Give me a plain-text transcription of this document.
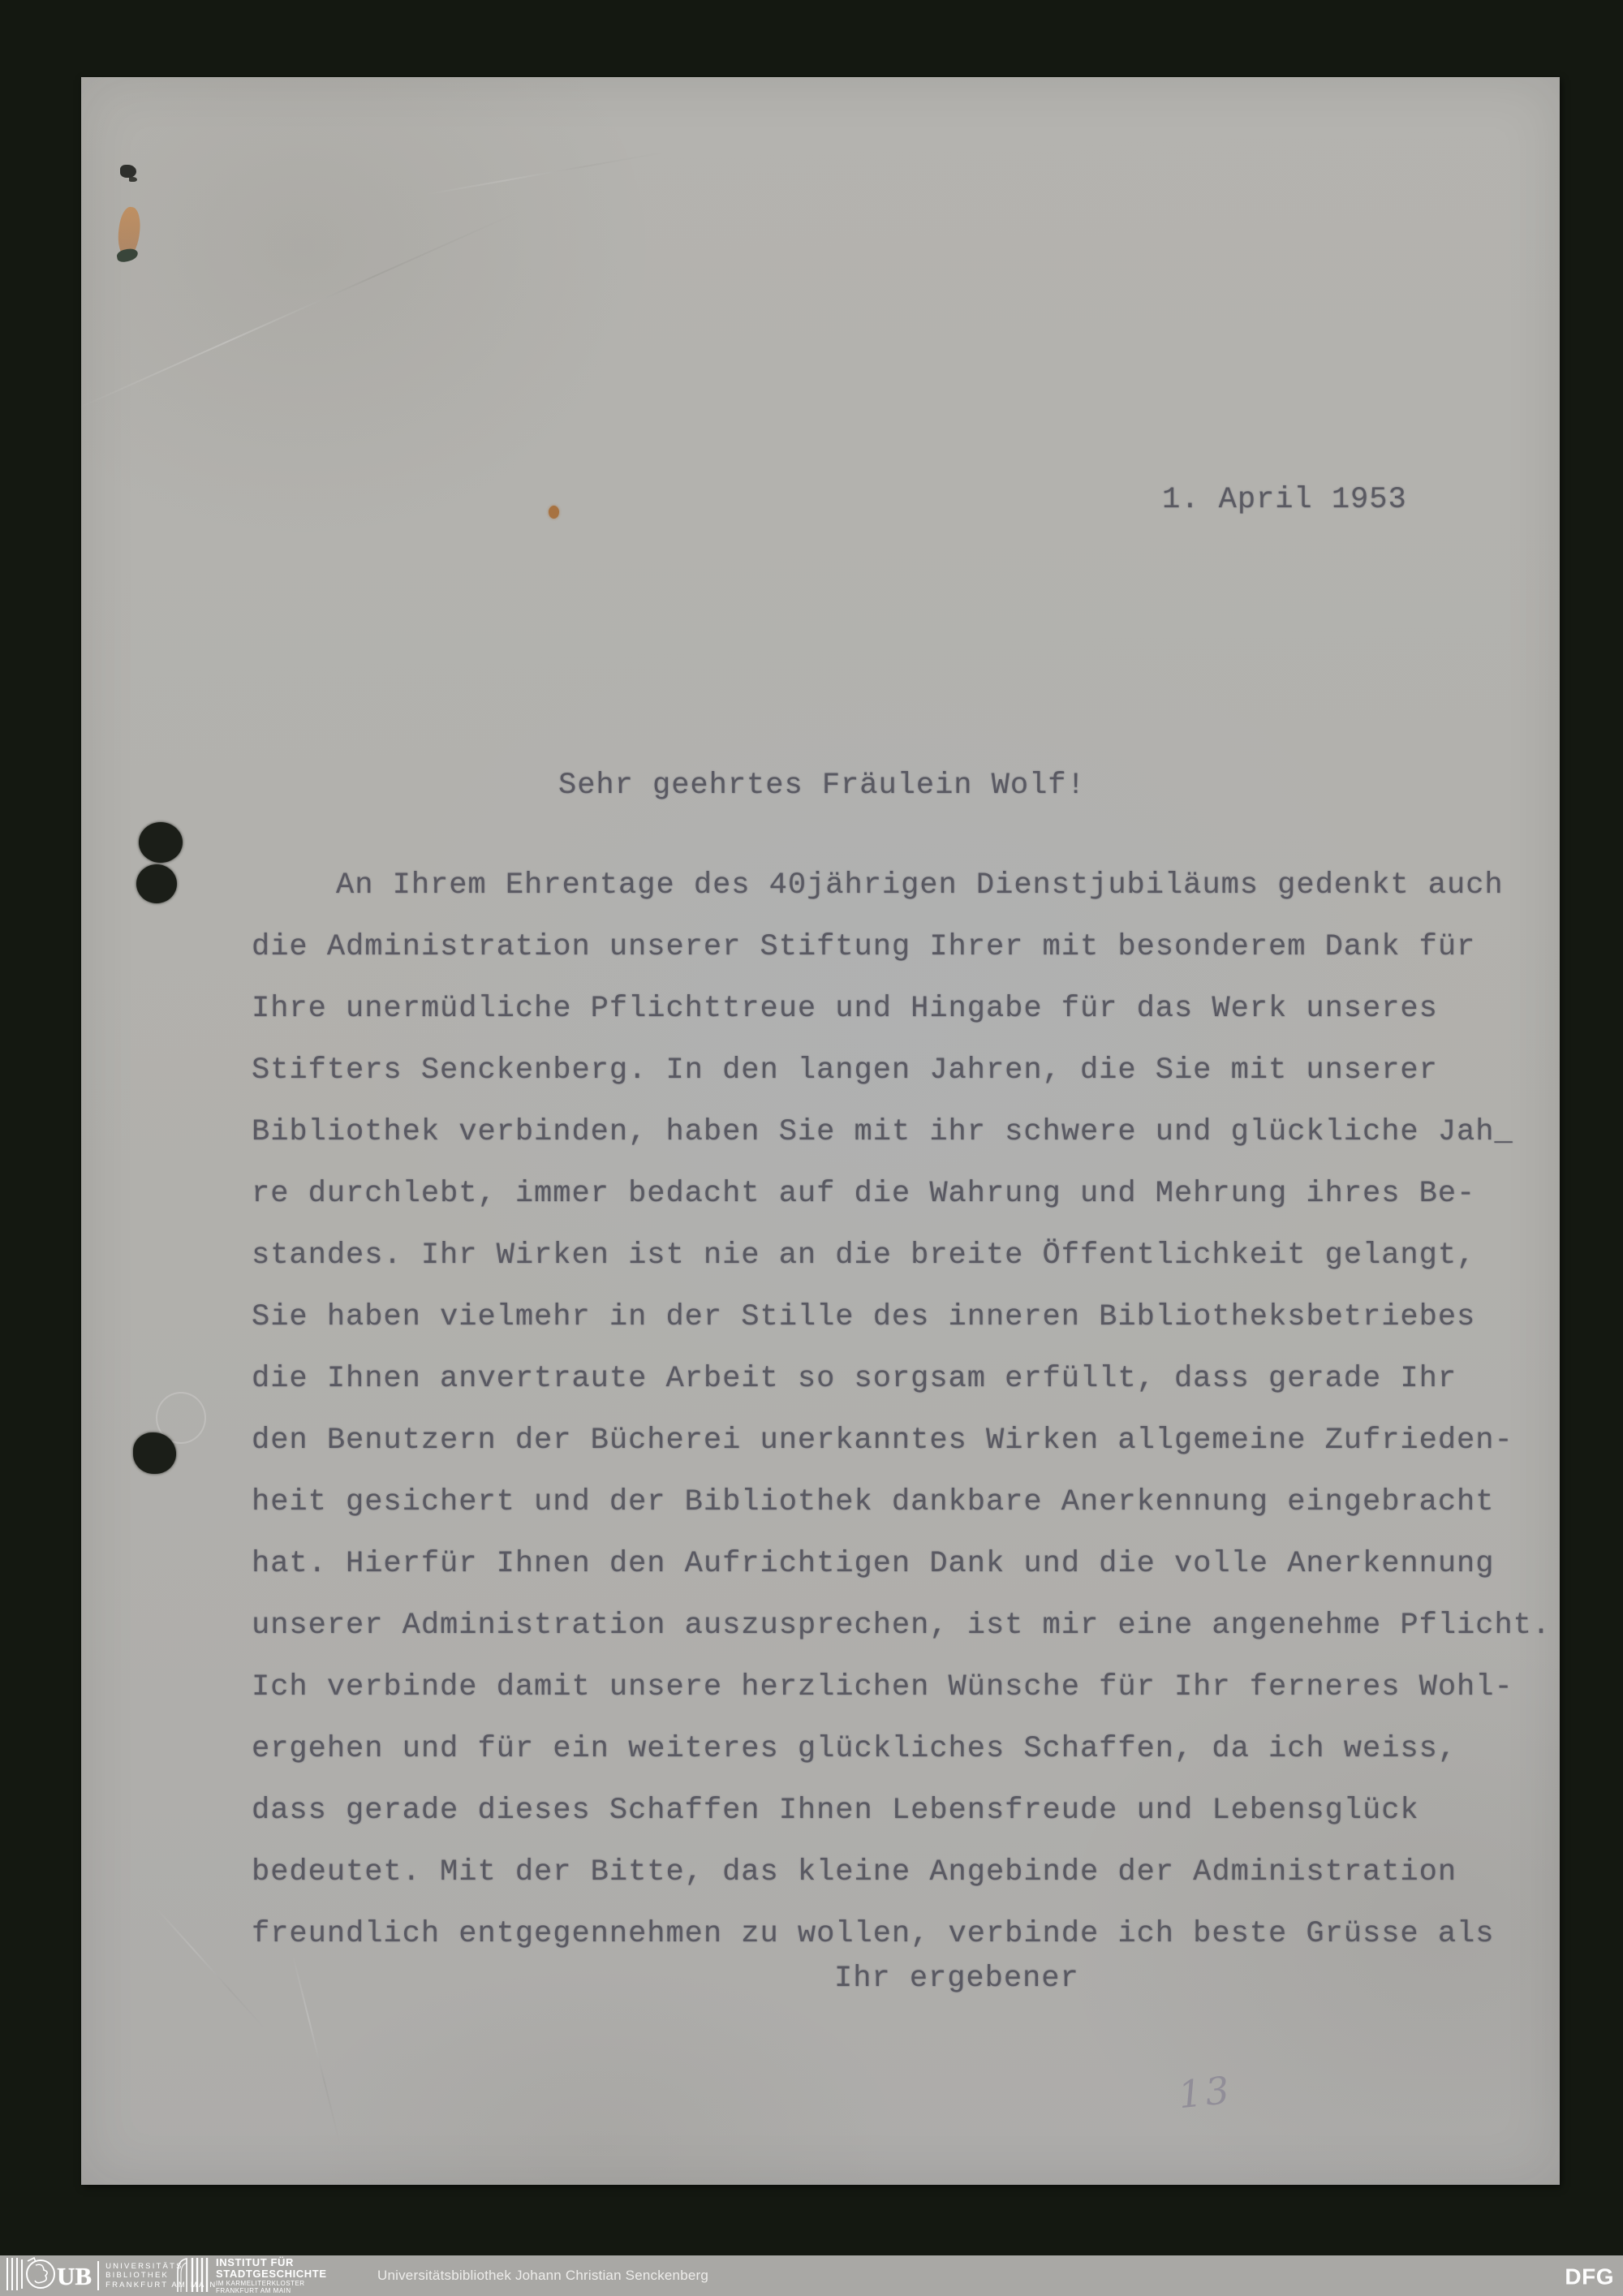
1. April 1953
Sehr geehrtes Fräulein Wolf!
An Ihrem Ehrentage des 40jährigen Dienstjubiläums gedenkt auch
die Administration unserer Stiftung Ihrer mit besonderem Dank für
Ihre unermüdliche Pflichttreue und Hingabe für das Werk unseres
Stifters Senckenberg. In den langen Jahren, die Sie mit unserer
Bibliothek verbinden, haben Sie mit ihr schwere und glückliche Jah_
re durchlebt, immer bedacht auf die Wahrung und Mehrung ihres Be-
standes. Ihr Wirken ist nie an die breite Öffentlichkeit gelangt,
Sie haben vielmehr in der Stille des inneren Bibliotheksbetriebes
die Ihnen anvertraute Arbeit so sorgsam erfüllt, dass gerade Ihr
den Benutzern der Bücherei unerkanntes Wirken allgemeine Zufrieden-
heit gesichert und der Bibliothek dankbare Anerkennung eingebracht
hat. Hierfür Ihnen den Aufrichtigen Dank und die volle Anerkennung
unserer Administration auszusprechen, ist mir eine angenehme Pflicht.
Ich verbinde damit unsere herzlichen Wünsche für Ihr ferneres Wohl-
ergehen und für ein weiteres glückliches Schaffen, da ich weiss,
dass gerade dieses Schaffen Ihnen Lebensfreude und Lebensglück
bedeutet. Mit der Bitte, das kleine Angebinde der Administration
freundlich entgegennehmen zu wollen, verbinde ich beste Grüsse als
Ihr ergebener
13
UB UNIVERSITÄTS
BIBLIOTHEK
FRANKFURT AM MAIN
INSTITUT FÜR
STADTGESCHICHTE
IM KARMELITERKLOSTER
FRANKFURT AM MAIN
Universitätsbibliothek Johann Christian Senckenberg	DFG
